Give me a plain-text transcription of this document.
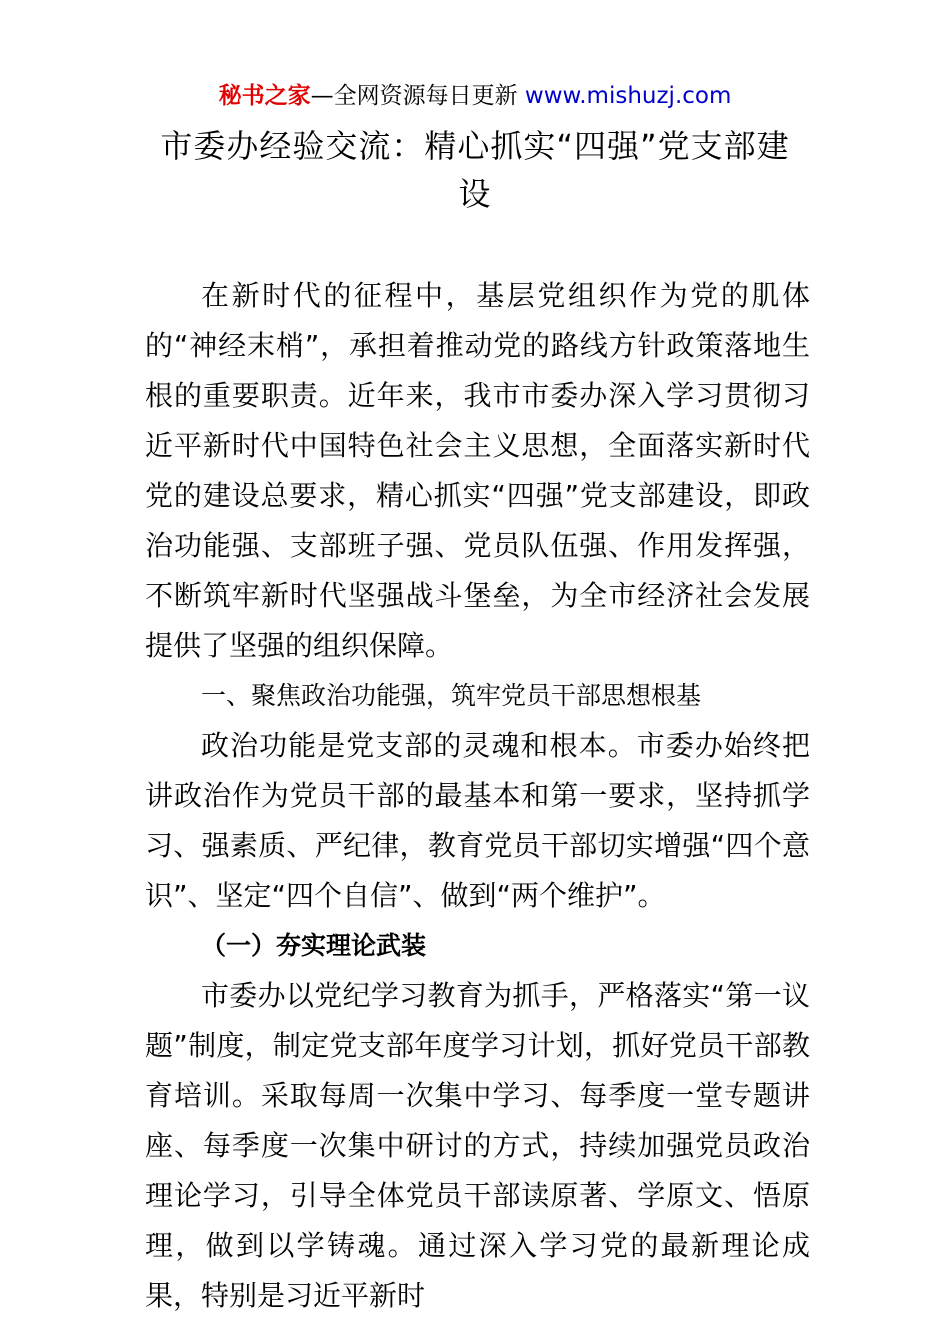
秘书之家—全网资源每日更新 www.mishuzj.com
市委办经验交流：精心抓实“四强”党支部建设

在新时代的征程中，基层党组织作为党的肌体的“神经末梢”，承担着推动党的路线方针政策落地生根的重要职责。近年来，我市市委办深入学习贯彻习近平新时代中国特色社会主义思想，全面落实新时代党的建设总要求，精心抓实“四强”党支部建设，即政治功能强、支部班子强、党员队伍强、作用发挥强，不断筑牢新时代坚强战斗堡垒，为全市经济社会发展提供了坚强的组织保障。

一、聚焦政治功能强，筑牢党员干部思想根基

政治功能是党支部的灵魂和根本。市委办始终把讲政治作为党员干部的最基本和第一要求，坚持抓学习、强素质、严纪律，教育党员干部切实增强“四个意识”、坚定“四个自信”、做到“两个维护”。

（一）夯实理论武装

市委办以党纪学习教育为抓手，严格落实“第一议题”制度，制定党支部年度学习计划，抓好党员干部教育培训。采取每周一次集中学习、每季度一堂专题讲座、每季度一次集中研讨的方式，持续加强党员政治理论学习，引导全体党员干部读原著、学原文、悟原理，做到以学铸魂。通过深入学习党的最新理论成果，特别是习近平新时
